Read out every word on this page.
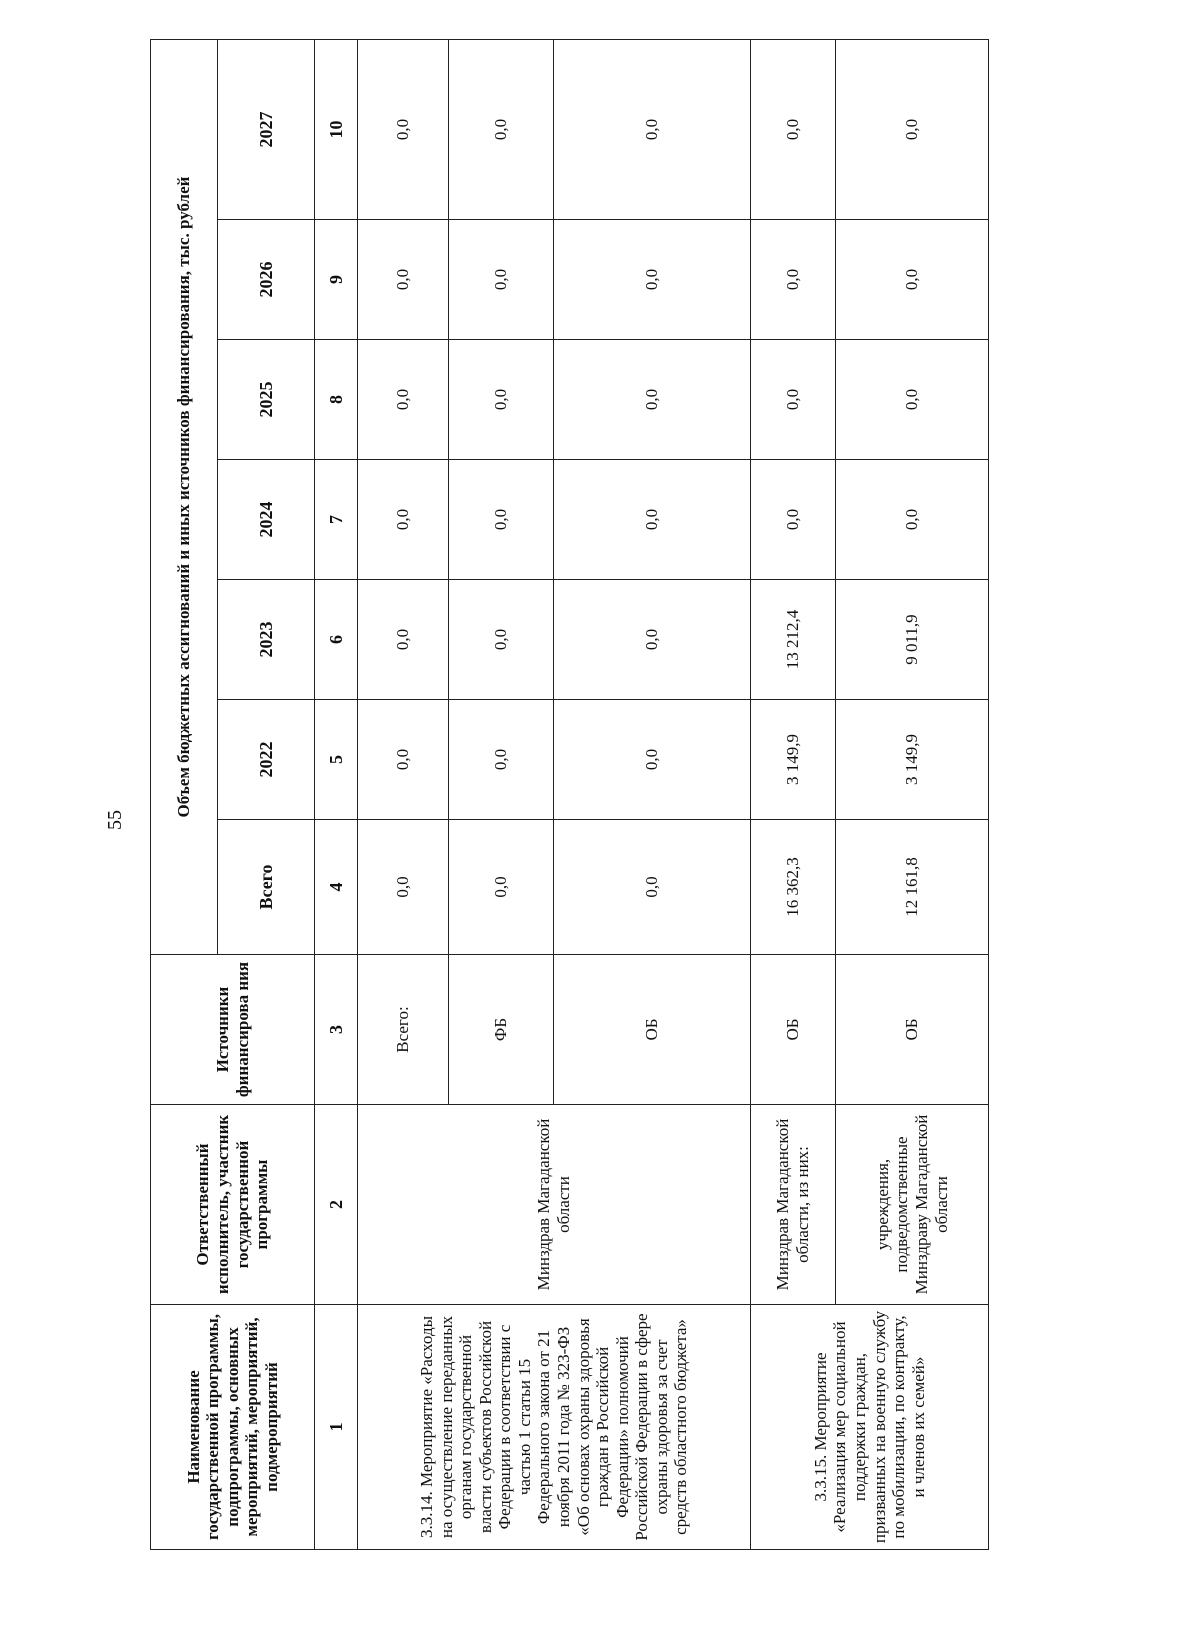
55
Наименование государственной программы, подпрограммы, основных мероприятий, мероприятий, подмероприятий	Ответственный исполнитель, участник государственной программы	Источники финансирова ния	Объем бюджетных ассигнований и иных источников финансирования, тыс. рублей						
			Всего	2022	2023	2024	2025	2026	2027
1	2	3	4	5	6	7	8	9	10
3.3.14. Мероприятие «Расходы на осуществление переданных органам государственной власти субъектов Российской Федерации в соответствии с частью 1 статьи 15 Федерального закона от 21 ноября 2011 года № 323-ФЗ «Об основах охраны здоровья граждан в Российской Федерации» полномочий Российской Федерации в сфере охраны здоровья за счет средств областного бюджета»	Минздрав Магаданской области	Всего:	0,0	0,0	0,0	0,0	0,0	0,0	0,0
		ФБ	0,0	0,0	0,0	0,0	0,0	0,0	0,0
		ОБ	0,0	0,0	0,0	0,0	0,0	0,0	0,0
3.3.15. Мероприятие «Реализация мер социальной поддержки граждан, призванных на военную службу по мобилизации, по контракту, и членов их семей»	Минздрав Магаданской области, из них:	ОБ	16 362,3	3 149,9	13 212,4	0,0	0,0	0,0	0,0
	учреждения, подведомственные Минздраву Магаданской области	ОБ	12 161,8	3 149,9	9 011,9	0,0	0,0	0,0	0,0
